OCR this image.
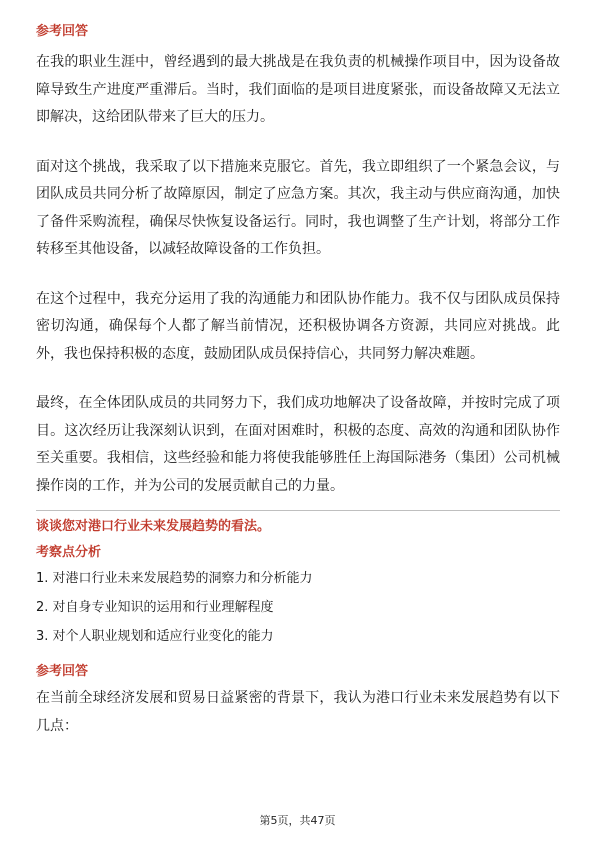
参考回答

在我的职业生涯中，曾经遇到的最大挑战是在我负责的机械操作项目中，因为设备故障导致生产进度严重滞后。当时，我们面临的是项目进度紧张，而设备故障又无法立即解决，这给团队带来了巨大的压力。

面对这个挑战，我采取了以下措施来克服它。首先，我立即组织了一个紧急会议，与团队成员共同分析了故障原因，制定了应急方案。其次，我主动与供应商沟通，加快了备件采购流程，确保尽快恢复设备运行。同时，我也调整了生产计划，将部分工作转移至其他设备，以减轻故障设备的工作负担。

在这个过程中，我充分运用了我的沟通能力和团队协作能力。我不仅与团队成员保持密切沟通，确保每个人都了解当前情况，还积极协调各方资源，共同应对挑战。此外，我也保持积极的态度，鼓励团队成员保持信心，共同努力解决难题。

最终，在全体团队成员的共同努力下，我们成功地解决了设备故障，并按时完成了项目。这次经历让我深刻认识到，在面对困难时，积极的态度、高效的沟通和团队协作至关重要。我相信，这些经验和能力将使我能够胜任上海国际港务（集团）公司机械操作岗的工作，并为公司的发展贡献自己的力量。

谈谈您对港口行业未来发展趋势的看法。

考察点分析

1. 对港口行业未来发展趋势的洞察力和分析能力

2. 对自身专业知识的运用和行业理解程度

3. 对个人职业规划和适应行业变化的能力

参考回答

在当前全球经济发展和贸易日益紧密的背景下，我认为港口行业未来发展趋势有以下几点：

第5页，共47页
